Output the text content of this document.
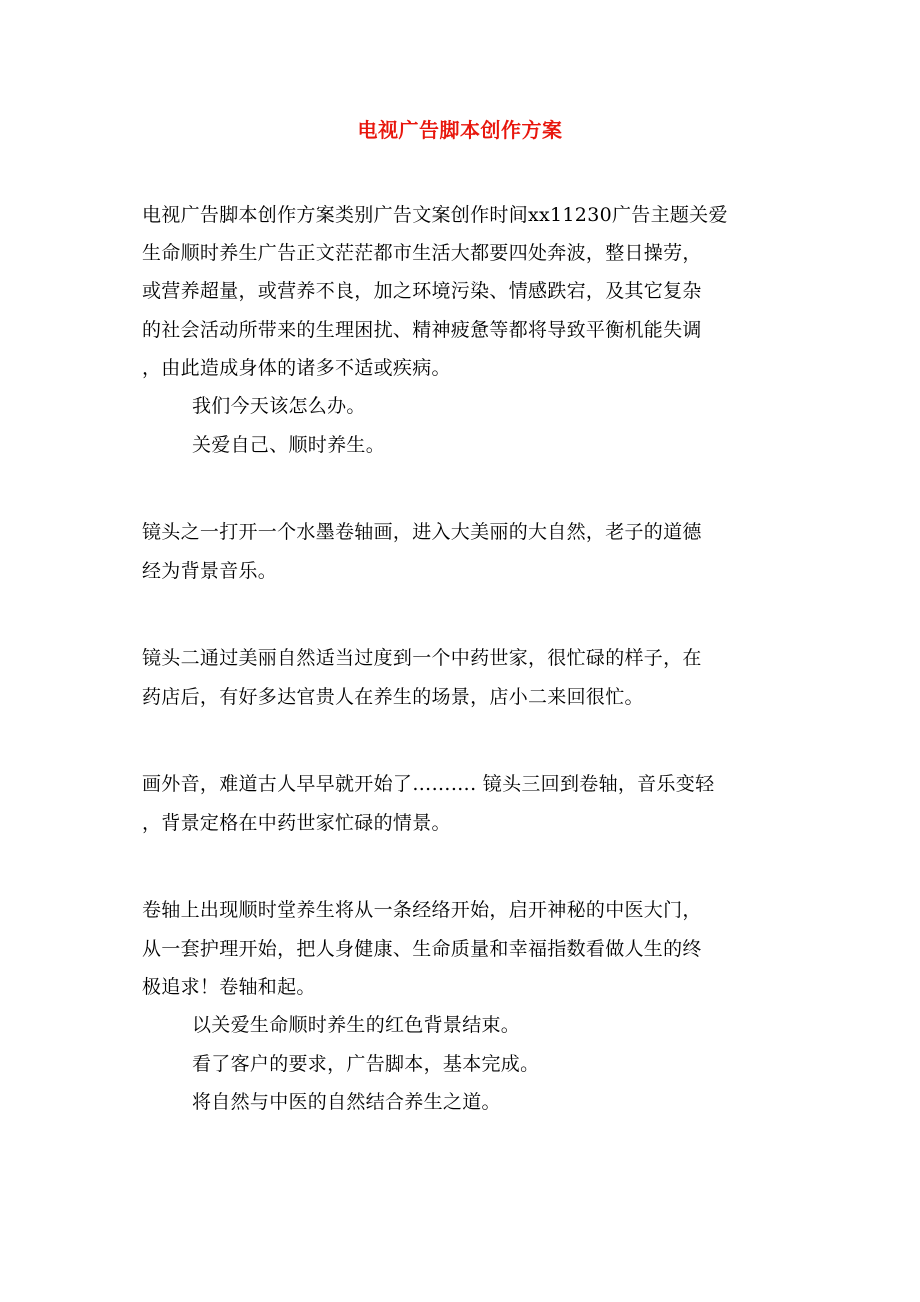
电视广告脚本创作方案
电视广告脚本创作方案类别广告文案创作时间xx11230广告主题关爱
生命顺时养生广告正文茫茫都市生活大都要四处奔波，整日操劳，
或营养超量，或营养不良，加之环境污染、情感跌宕，及其它复杂
的社会活动所带来的生理困扰、精神疲惫等都将导致平衡机能失调
，由此造成身体的诸多不适或疾病。
我们今天该怎么办。
关爱自己、顺时养生。
镜头之一打开一个水墨卷轴画，进入大美丽的大自然，老子的道德
经为背景音乐。
镜头二通过美丽自然适当过度到一个中药世家，很忙碌的样子，在
药店后，有好多达官贵人在养生的场景，店小二来回很忙。
画外音，难道古人早早就开始了………. 镜头三回到卷轴，音乐变轻
，背景定格在中药世家忙碌的情景。
卷轴上出现顺时堂养生将从一条经络开始，启开神秘的中医大门，
从一套护理开始，把人身健康、生命质量和幸福指数看做人生的终
极追求！卷轴和起。
以关爱生命顺时养生的红色背景结束。
看了客户的要求，广告脚本，基本完成。
将自然与中医的自然结合养生之道。
